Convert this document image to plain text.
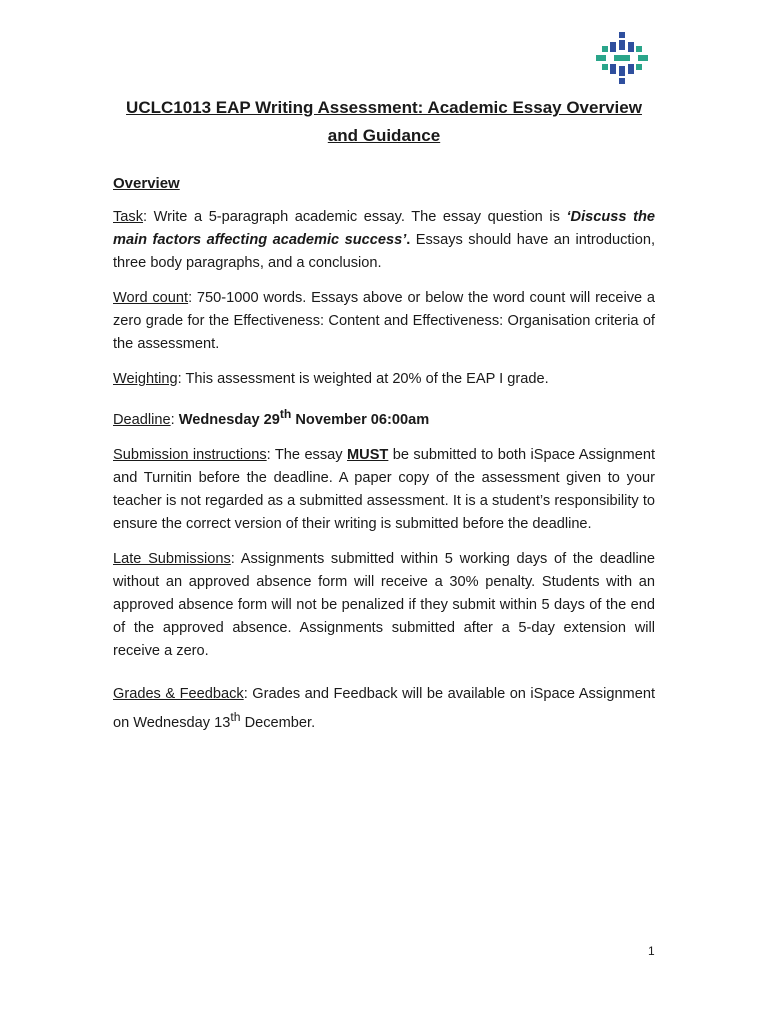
UCLC1013 EAP Writing Assessment: Academic Essay Overview and Guidance
Overview

Task: Write a 5-paragraph academic essay. The essay question is ‘Discuss the main factors affecting academic success’. Essays should have an introduction, three body paragraphs, and a conclusion.

Word count: 750-1000 words. Essays above or below the word count will receive a zero grade for the Effectiveness: Content and Effectiveness: Organisation criteria of the assessment.

Weighting: This assessment is weighted at 20% of the EAP I grade.

Deadline: Wednesday 29th November 06:00am

Submission instructions: The essay MUST be submitted to both iSpace Assignment and Turnitin before the deadline. A paper copy of the assessment given to your teacher is not regarded as a submitted assessment. It is a student’s responsibility to ensure the correct version of their writing is submitted before the deadline.

Late Submissions: Assignments submitted within 5 working days of the deadline without an approved absence form will receive a 30% penalty. Students with an approved absence form will not be penalized if they submit within 5 days of the end of the approved absence. Assignments submitted after a 5-day extension will receive a zero.

Grades & Feedback: Grades and Feedback will be available on iSpace Assignment on Wednesday 13th December.

1
